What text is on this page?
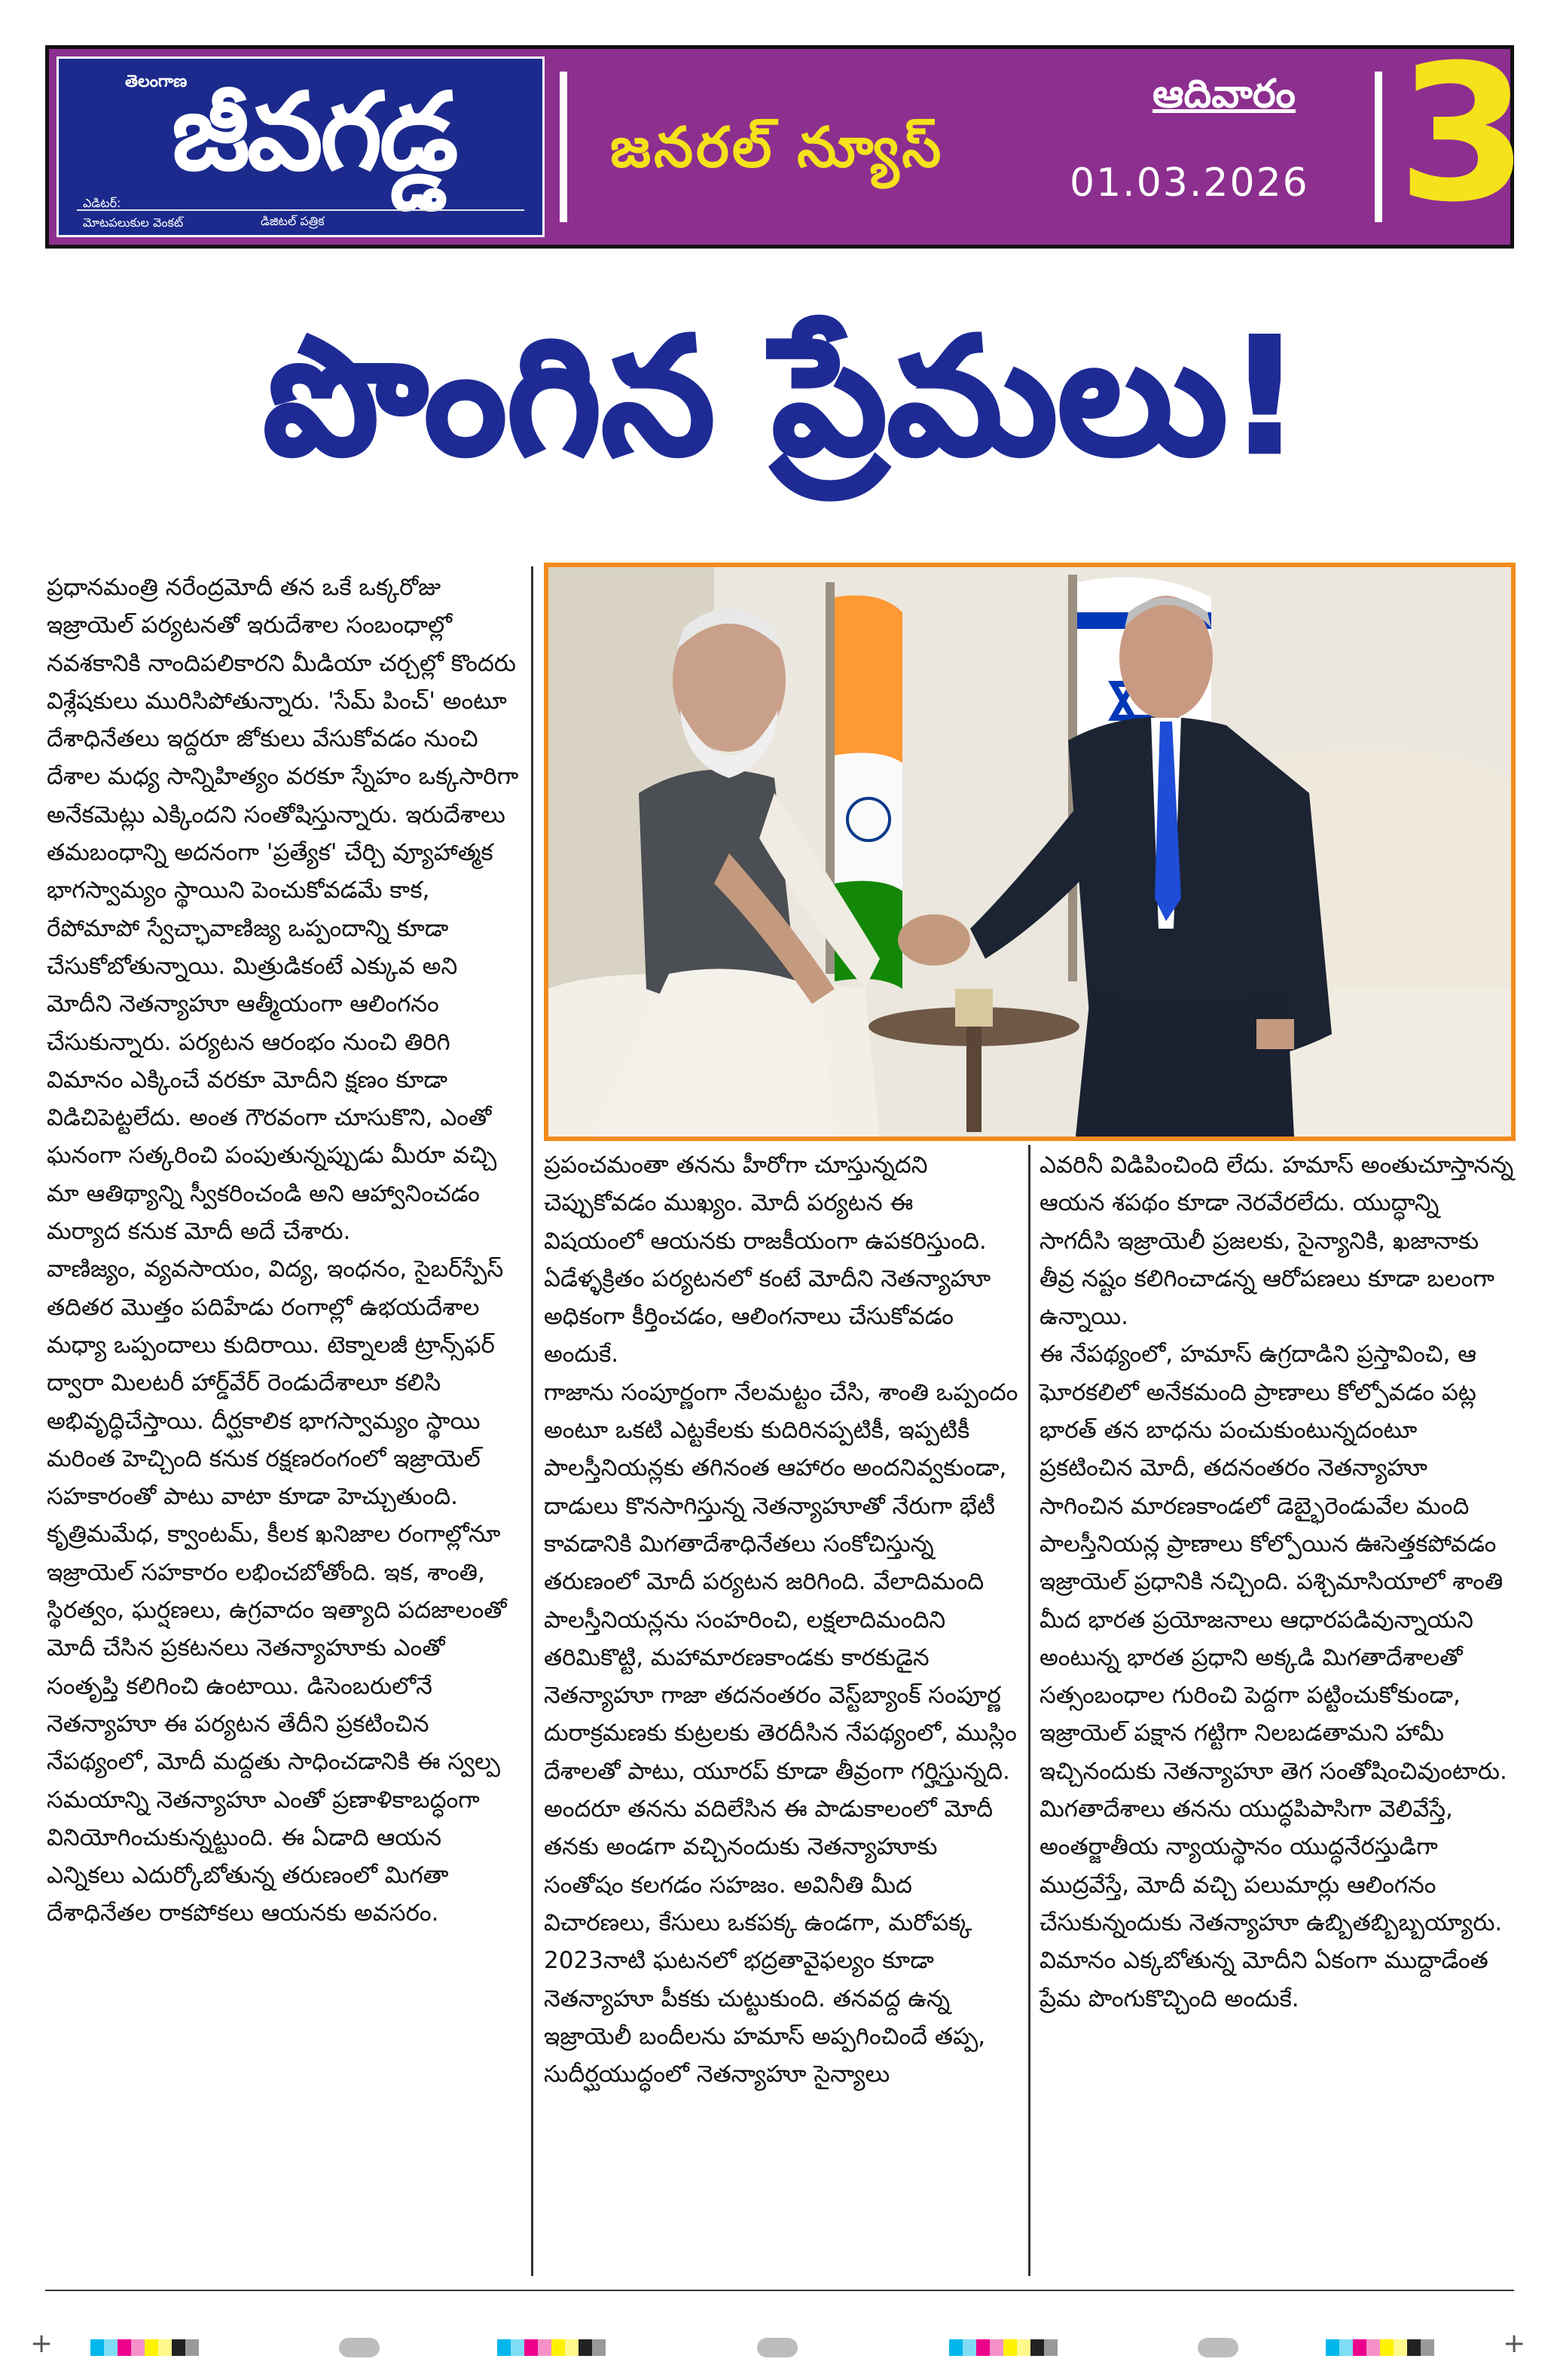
తెలంగాణ
జీవగడ్డ
ఎడిటర్:
మోటపలుకుల వెంకట్	డిజిటల్ పత్రిక
జనరల్ న్యూస్
ఆదివారం
01.03.2026 3
పొంగిన ప్రేమలు!

ప్రధానమంత్రి నరేంద్రమోదీ తన ఒకే ఒక్కరోజు ఇజ్రాయెల్ పర్యటనతో ఇరుదేశాల సంబంధాల్లో నవశకానికి నాందిపలికారని మీడియా చర్చల్లో కొందరు విశ్లేషకులు మురిసిపోతున్నారు. 'సేమ్ పించ్' అంటూ దేశాధినేతలు ఇద్దరూ జోకులు వేసుకోవడం నుంచి దేశాల మధ్య సాన్నిహిత్యం వరకూ స్నేహం ఒక్కసారిగా అనేకమెట్లు ఎక్కిందని సంతోషిస్తున్నారు. ఇరుదేశాలు తమబంధాన్ని అదనంగా 'ప్రత్యేక' చేర్చి వ్యూహాత్మక భాగస్వామ్యం స్థాయిని పెంచుకోవడమే కాక, రేపోమాపో స్వేచ్ఛావాణిజ్య ఒప్పందాన్ని కూడా చేసుకోబోతున్నాయి. మిత్రుడికంటే ఎక్కువ అని మోదీని నెతన్యాహూ ఆత్మీయంగా ఆలింగనం చేసుకున్నారు. పర్యటన ఆరంభం నుంచి తిరిగి విమానం ఎక్కించే వరకూ మోదీని క్షణం కూడా విడిచిపెట్టలేదు. అంత గౌరవంగా చూసుకొని, ఎంతో ఘనంగా సత్కరించి పంపుతున్నప్పుడు మీరూ వచ్చి మా ఆతిథ్యాన్ని స్వీకరించండి అని ఆహ్వానించడం మర్యాద కనుక మోదీ అదే చేశారు.

వాణిజ్యం, వ్యవసాయం, విద్య, ఇంధనం, సైబర్‌స్పేస్ తదితర మొత్తం పదిహేడు రంగాల్లో ఉభయదేశాల మధ్యా ఒప్పందాలు కుదిరాయి. టెక్నాలజీ ట్రాన్స్‌ఫర్ ద్వారా మిలటరీ హార్డ్‌వేర్ రెండుదేశాలూ కలిసి అభివృద్ధిచేస్తాయి. దీర్ఘకాలిక భాగస్వామ్యం స్థాయి మరింత హెచ్చింది కనుక రక్షణరంగంలో ఇజ్రాయెల్ సహకారంతో పాటు వాటా కూడా హెచ్చుతుంది.

కృత్రిమమేధ, క్వాంటమ్, కీలక ఖనిజాల రంగాల్లోనూ ఇజ్రాయెల్ సహకారం లభించబోతోంది. ఇక, శాంతి, స్థిరత్వం, ఘర్షణలు, ఉగ్రవాదం ఇత్యాది పదజాలంతో మోదీ చేసిన ప్రకటనలు నెతన్యాహూకు ఎంతో సంతృప్తి కలిగించి ఉంటాయి. డిసెంబరులోనే నెతన్యాహూ ఈ పర్యటన తేదీని ప్రకటించిన నేపథ్యంలో, మోదీ మద్దతు సాధించడానికి ఈ స్వల్ప సమయాన్ని నెతన్యాహూ ఎంతో ప్రణాళికాబద్ధంగా వినియోగించుకున్నట్టుంది. ఈ ఏడాది ఆయన ఎన్నికలు ఎదుర్కోబోతున్న తరుణంలో మిగతా దేశాధినేతల రాకపోకలు ఆయనకు అవసరం.

ప్రపంచమంతా తనను హీరోగా చూస్తున్నదని చెప్పుకోవడం ముఖ్యం. మోదీ పర్యటన ఈ విషయంలో ఆయనకు రాజకీయంగా ఉపకరిస్తుంది. ఏడేళ్ళక్రితం పర్యటనలో కంటే మోదీని నెతన్యాహూ అధికంగా కీర్తించడం, ఆలింగనాలు చేసుకోవడం అందుకే.

గాజాను సంపూర్ణంగా నేలమట్టం చేసి, శాంతి ఒప్పందం అంటూ ఒకటి ఎట్టకేలకు కుదిరినప్పటికీ, ఇప్పటికీ పాలస్తీనియన్లకు తగినంత ఆహారం అందనివ్వకుండా, దాడులు కొనసాగిస్తున్న నెతన్యాహూతో నేరుగా భేటీ కావడానికి మిగతాదేశాధినేతలు సంకోచిస్తున్న తరుణంలో మోదీ పర్యటన జరిగింది. వేలాదిమంది పాలస్తీనియన్లను సంహరించి, లక్షలాదిమందిని తరిమికొట్టి, మహామారణకాండకు కారకుడైన నెతన్యాహూ గాజా తదనంతరం వెస్ట్‌బ్యాంక్ సంపూర్ణ దురాక్రమణకు కుట్రలకు తెరదీసిన నేపథ్యంలో, ముస్లిం దేశాలతో పాటు, యూరప్ కూడా తీవ్రంగా గర్హిస్తున్నది. అందరూ తనను వదిలేసిన ఈ పాడుకాలంలో మోదీ తనకు అండగా వచ్చినందుకు నెతన్యాహూకు సంతోషం కలగడం సహజం. అవినీతి మీద విచారణలు, కేసులు ఒకపక్క ఉండగా, మరోపక్క 2023నాటి ఘటనలో భద్రతావైఫల్యం కూడా నెతన్యాహూ పీకకు చుట్టుకుంది. తనవద్ద ఉన్న ఇజ్రాయెలీ బందీలను హమాస్ అప్పగించిందే తప్ప, సుదీర్ఘయుద్ధంలో నెతన్యాహూ సైన్యాలు

ఎవరినీ విడిపించింది లేదు. హమాస్ అంతుచూస్తానన్న ఆయన శపథం కూడా నెరవేరలేదు. యుద్ధాన్ని సాగదీసి ఇజ్రాయెలీ ప్రజలకు, సైన్యానికి, ఖజానాకు తీవ్ర నష్టం కలిగించాడన్న ఆరోపణలు కూడా బలంగా ఉన్నాయి.

ఈ నేపథ్యంలో, హమాస్ ఉగ్రదాడిని ప్రస్తావించి, ఆ ఘోరకలిలో అనేకమంది ప్రాణాలు కోల్పోవడం పట్ల భారత్ తన బాధను పంచుకుంటున్నదంటూ ప్రకటించిన మోదీ, తదనంతరం నెతన్యాహూ సాగించిన మారణకాండలో డెబ్భైరెండువేల మంది పాలస్తీనియన్ల ప్రాణాలు కోల్పోయిన ఊసెత్తకపోవడం ఇజ్రాయెల్ ప్రధానికి నచ్చింది. పశ్చిమాసియాలో శాంతి మీద భారత ప్రయోజనాలు ఆధారపడివున్నాయని అంటున్న భారత ప్రధాని అక్కడి మిగతాదేశాలతో సత్సంబంధాల గురించి పెద్దగా పట్టించుకోకుండా, ఇజ్రాయెల్ పక్షాన గట్టిగా నిలబడతామని హామీ ఇచ్చినందుకు నెతన్యాహూ తెగ సంతోషించివుంటారు. మిగతాదేశాలు తనను యుద్ధపిపాసిగా వెలివేస్తే, అంతర్జాతీయ న్యాయస్థానం యుద్ధనేరస్తుడిగా ముద్రవేస్తే, మోదీ వచ్చి పలుమార్లు ఆలింగనం చేసుకున్నందుకు నెతన్యాహూ ఉబ్బితబ్బిబ్బయ్యారు. విమానం ఎక్కబోతున్న మోదీని ఏకంగా ముద్దాడేంత ప్రేమ పొంగుకొచ్చింది అందుకే.

+	+
